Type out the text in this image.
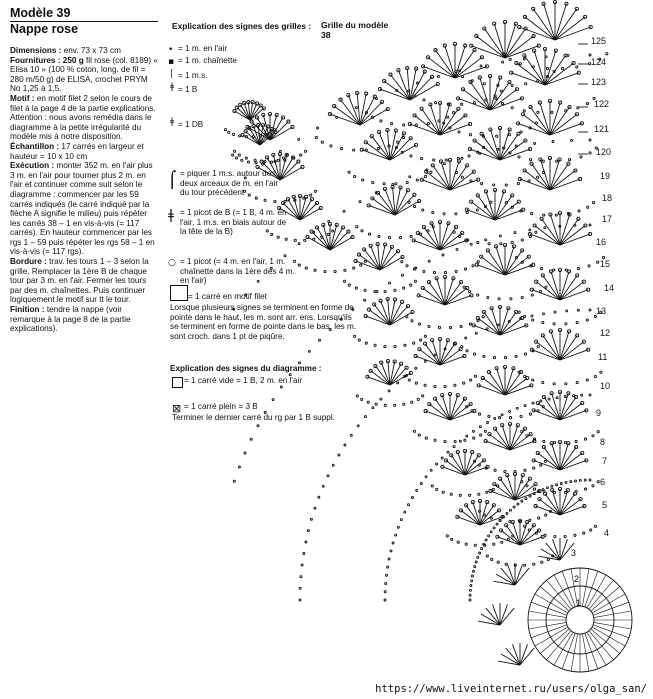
Modèle 39
Nappe rose

Dimensions : env. 73 x 73 cm

Fournitures : 250 g fil rose (col. 8189) « Elisa 10 » (100 % coton, long. de fil = 280 m/50 g) de ELISA, crochet PRYM No 1,25 à 1,5.

Motif : en motif filet 2 selon le cours de filet à la page 4 de la partie explications. Attention : nous avons remédia dans le diagramme à la petite irrégularité du modèle mis à notre disposition.

Échantillon : 17 carrés en largeur et hauteur = 10 x 10 cm

Exécution : monter 352 m. en l'air plus 3 m. en l'air pour tourner plus 2 m. en l'air et continuer comme suit selon le diagramme : commencer par les 59 carrés indiqués (le carré indiqué par la flèche A signifie le milieu) puis répéter les carrés 38 – 1 en vis-à-vis (= 117 carrés). En hauteur commencer par les rgs 1 – 59 puis répéter les rgs 58 – 1 en vis-à-vis (= 117 rgs).

Bordure : trav. les tours 1 – 3 selon la grille. Remplacer la 1ère B de chaque tour par 3 m. en l'air. Fermer les tours par des m. chaînettes. Puis continuer logiquement le motif sur tt le tour.

Finition : tendre la nappe (voir remarque à la page 8 de la partie explications).

Explication des signes des grilles :
• = 1 m. en l'air
▪ = 1 m. chaînette
| = 1 m.s.
ǂ = 1 B
ǂ = 1 DB
⌠ = piquer 1 m.s. autour des deux arceaux de m. en l'air du tour précédent
ǂ = 1 picot de B (= 1 B, 4 m. en l'air, 1 m.s. en biais autour de la tête de la B)
○ = 1 picot (= 4 m. en l'air, 1 m. chaînette dans la 1ère des 4 m. en l'air)
= 1 carré en motif filet
Lorsque plusieurs signes se terminent en forme de pointe dans le haut, les m. sont arr. ens. Lorsqu'ils se terminent en forme de pointe dans le bas, les m. sont croch. dans 1 pt de piqûre.
Explication des signes du diagramme :
= 1 carré vide = 1 B, 2 m. en l'air
⊠ = 1 carré plein = 3 B
Terminer le dernier carré du rg par 1 B suppl.
Grille du modèle 38
125
124
123
122
121
120
19
18
17
16
15
14
13
12
11
10
9
8
7
6
5
4
3
2
1
https://www.liveinternet.ru/users/olga_san/
